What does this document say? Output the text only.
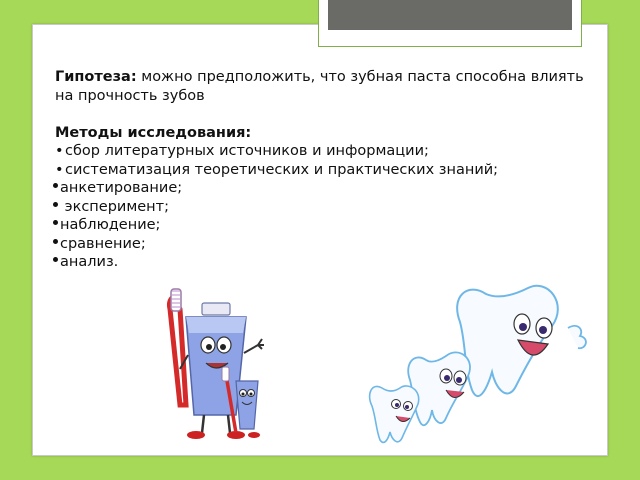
Гипотеза: можно предположить, что зубная паста способна влиять на прочность зубов

Методы исследования:

•сбор литературных источников и информации;

•систематизация теоретических и практических знаний;

анкетирование;

эксперимент;

наблюдение;

сравнение;

анализ.
